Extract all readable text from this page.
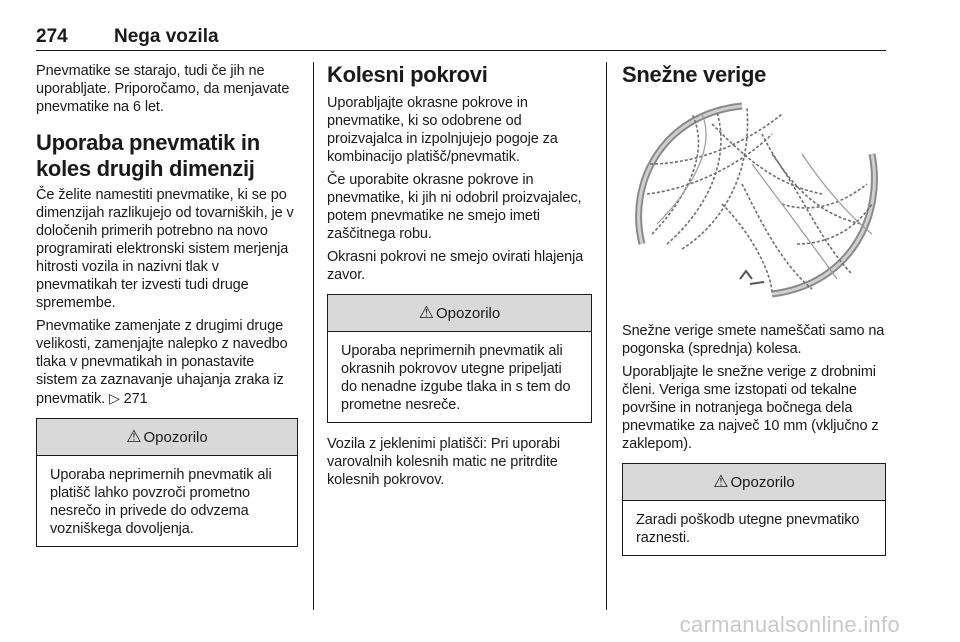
274 Nega vozila

Pnevmatike se starajo, tudi če jih ne uporabljate. Priporočamo, da menjavate pnevmatike na 6 let.

Uporaba pnevmatik in koles drugih dimenzij

Če želite namestiti pnevmatike, ki se po dimenzijah razlikujejo od tovarniških, je v določenih primerih potrebno na novo programirati elektronski sistem merjenja hitrosti vozila in nazivni tlak v pnevmatikah ter izvesti tudi druge spremembe.

Pnevmatike zamenjate z drugimi druge velikosti, zamenjajte nalepko z navedbo tlaka v pnevmatikah in ponastavite sistem za zaznavanje uhajanja zraka iz pnevmatik. ▷ 271

⚠ Opozorilo

Uporaba neprimernih pnevmatik ali platišč lahko povzroči prometno nesrečo in privede do odvzema vozniškega dovoljenja.

Kolesni pokrovi

Uporabljajte okrasne pokrove in pnevmatike, ki so odobrene od proizvajalca in izpolnjujejo pogoje za kombinacijo platišč/pnevmatik.

Če uporabite okrasne pokrove in pnevmatike, ki jih ni odobril proizvajalec, potem pnevmatike ne smejo imeti zaščitnega robu.

Okrasni pokrovi ne smejo ovirati hlajenja zavor.

⚠ Opozorilo

Uporaba neprimernih pnevmatik ali okrasnih pokrovov utegne pripeljati do nenadne izgube tlaka in s tem do prometne nesreče.

Vozila z jeklenimi platišči: Pri uporabi varovalnih kolesnih matic ne pritrdite kolesnih pokrovov.

Snežne verige

Snežne verige smete nameščati samo na pogonska (sprednja) kolesa.

Uporabljajte le snežne verige z drobnimi členi. Veriga sme izstopati od tekalne površine in notranjega bočnega dela pnevmatike za največ 10 mm (vključno z zaklepom).

⚠ Opozorilo

Zaradi poškodb utegne pnevmatiko raznesti.

carmanualsonline.info
